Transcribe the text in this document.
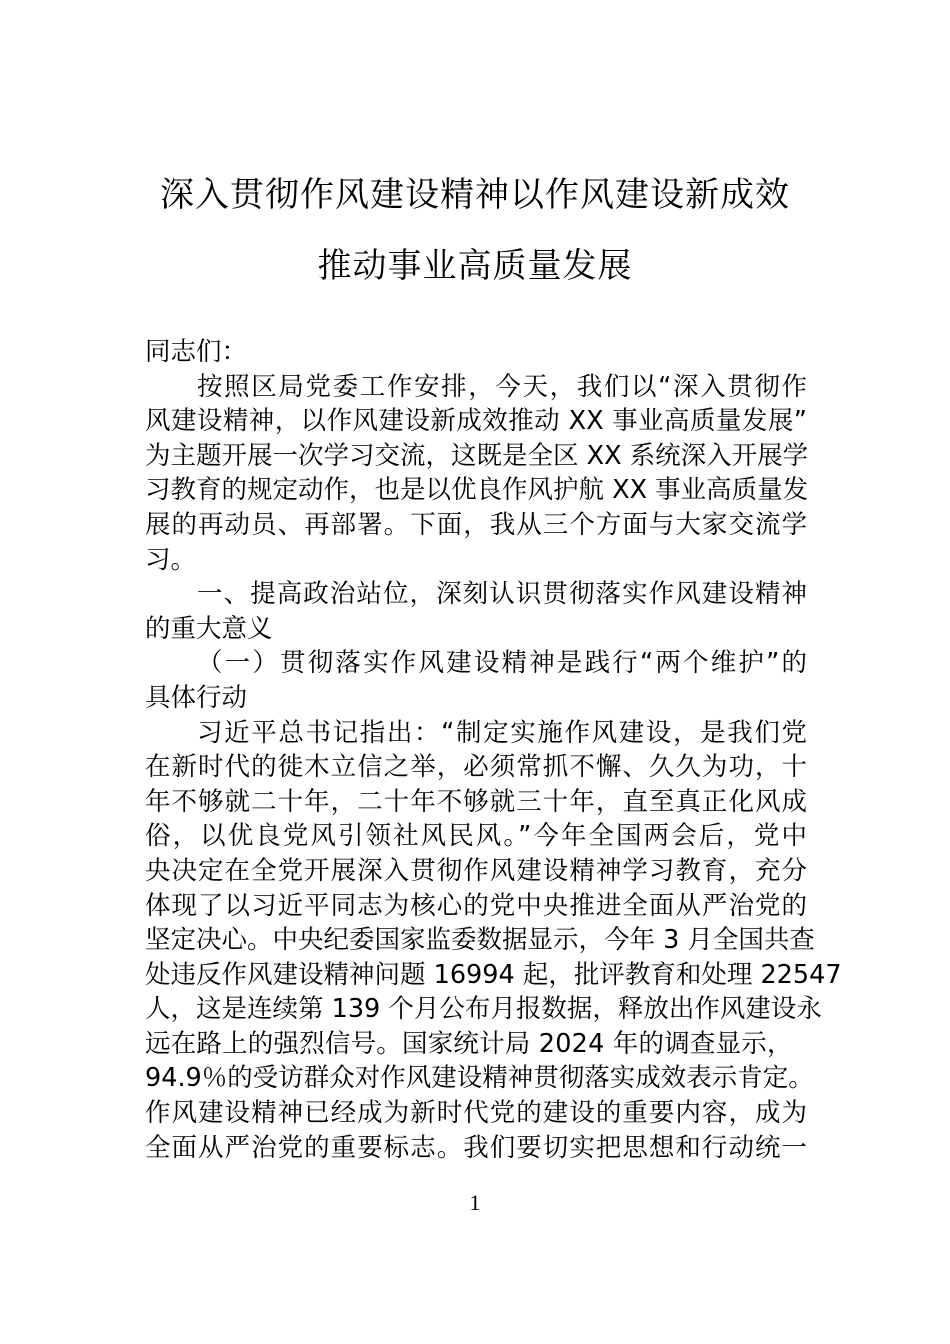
深入贯彻作风建设精神以作风建设新成效
推动事业高质量发展
同志们：
按照区局党委工作安排，今天，我们以“深入贯彻作
风建设精神，以作风建设新成效推动 XX 事业高质量发展”
为主题开展一次学习交流，这既是全区 XX 系统深入开展学
习教育的规定动作，也是以优良作风护航 XX 事业高质量发
展的再动员、再部署。下面，我从三个方面与大家交流学
习。
一、提高政治站位，深刻认识贯彻落实作风建设精神
的重大意义
（一）贯彻落实作风建设精神是践行“两个维护”的
具体行动
习近平总书记指出：“制定实施作风建设，是我们党
在新时代的徙木立信之举，必须常抓不懈、久久为功，十
年不够就二十年，二十年不够就三十年，直至真正化风成
俗，以优良党风引领社风民风。”今年全国两会后，党中
央决定在全党开展深入贯彻作风建设精神学习教育，充分
体现了以习近平同志为核心的党中央推进全面从严治党的
坚定决心。中央纪委国家监委数据显示，今年 3 月全国共查
处违反作风建设精神问题 16994 起，批评教育和处理 22547
人，这是连续第 139 个月公布月报数据，释放出作风建设永
远在路上的强烈信号。国家统计局 2024 年的调查显示，
94.9％的受访群众对作风建设精神贯彻落实成效表示肯定。
作风建设精神已经成为新时代党的建设的重要内容，成为
全面从严治党的重要标志。我们要切实把思想和行动统一
1
